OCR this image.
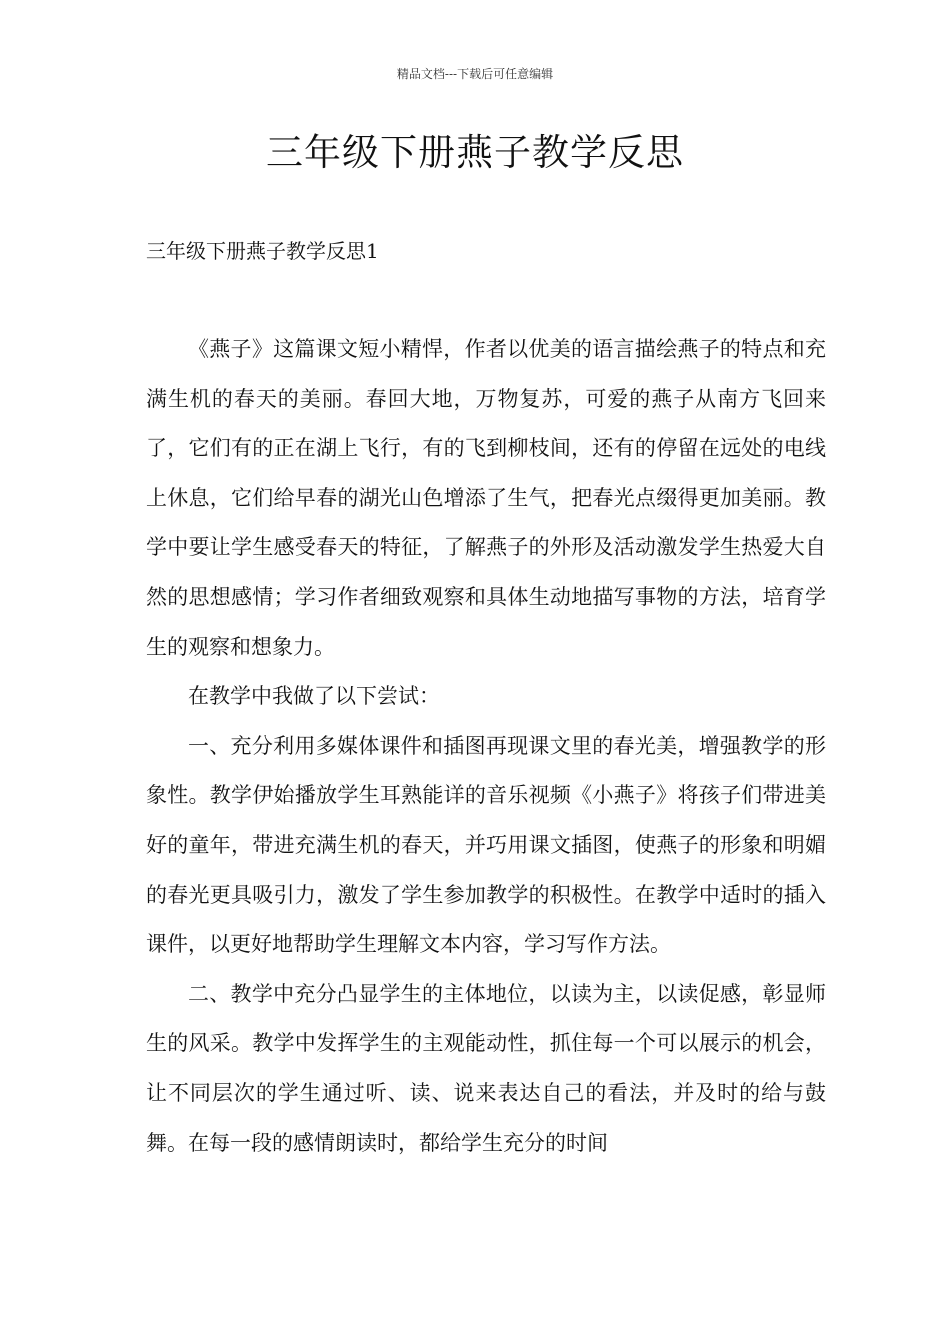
精品文档---下载后可任意编辑
三年级下册燕子教学反思
三年级下册燕子教学反思1

《燕子》这篇课文短小精悍，作者以优美的语言描绘燕子的特点和充满生机的春天的美丽。春回大地，万物复苏，可爱的燕子从南方飞回来了，它们有的正在湖上飞行，有的飞到柳枝间，还有的停留在远处的电线上休息，它们给早春的湖光山色增添了生气，把春光点缀得更加美丽。教学中要让学生感受春天的特征，了解燕子的外形及活动激发学生热爱大自然的思想感情；学习作者细致观察和具体生动地描写事物的方法，培育学生的观察和想象力。

在教学中我做了以下尝试：

一、充分利用多媒体课件和插图再现课文里的春光美，增强教学的形象性。教学伊始播放学生耳熟能详的音乐视频《小燕子》将孩子们带进美好的童年，带进充满生机的春天，并巧用课文插图，使燕子的形象和明媚的春光更具吸引力，激发了学生参加教学的积极性。在教学中适时的插入课件，以更好地帮助学生理解文本内容，学习写作方法。

二、教学中充分凸显学生的主体地位，以读为主，以读促感，彰显师生的风采。教学中发挥学生的主观能动性，抓住每一个可以展示的机会，让不同层次的学生通过听、读、说来表达自己的看法，并及时的给与鼓舞。在每一段的感情朗读时，都给学生充分的时间
